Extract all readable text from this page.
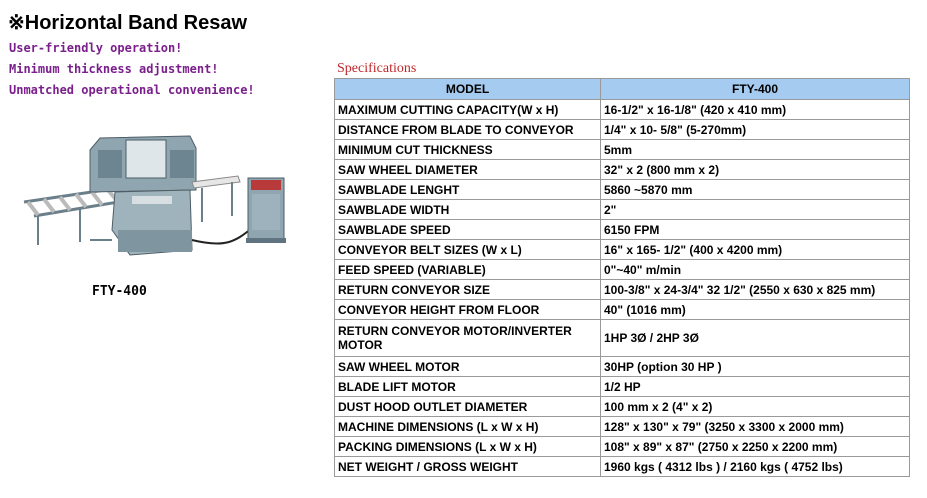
※Horizontal Band Resaw
User-friendly operation!
Minimum thickness adjustment!
Unmatched operational convenience!
FTY-400
Specifications
MODEL	FTY-400
MAXIMUM CUTTING CAPACITY(W x H)	16-1/2" x 16-1/8" (420 x 410 mm)
DISTANCE FROM BLADE TO CONVEYOR	1/4" x 10- 5/8" (5-270mm)
MINIMUM CUT THICKNESS	5mm
SAW WHEEL DIAMETER	32" x 2 (800 mm x 2)
SAWBLADE LENGHT	5860 ~5870 mm
SAWBLADE WIDTH	2"
SAWBLADE SPEED	6150 FPM
CONVEYOR BELT SIZES (W x L)	16" x 165- 1/2" (400 x 4200 mm)
FEED SPEED (VARIABLE)	0"~40" m/min
RETURN CONVEYOR SIZE	100-3/8" x 24-3/4" 32 1/2" (2550 x 630 x 825 mm)
CONVEYOR HEIGHT FROM FLOOR	40" (1016 mm)
RETURN CONVEYOR MOTOR/INVERTER MOTOR	1HP 3Ø / 2HP 3Ø
SAW WHEEL MOTOR	30HP (option 30 HP )
BLADE LIFT MOTOR	1/2 HP
DUST HOOD OUTLET DIAMETER	100 mm x 2 (4" x 2)
MACHINE DIMENSIONS (L x W x H)	128" x 130" x 79" (3250 x 3300 x 2000 mm)
PACKING DIMENSIONS (L x W x H)	108" x 89" x 87" (2750 x 2250 x 2200 mm)
NET WEIGHT / GROSS WEIGHT	1960 kgs ( 4312 lbs ) / 2160 kgs ( 4752 lbs)
